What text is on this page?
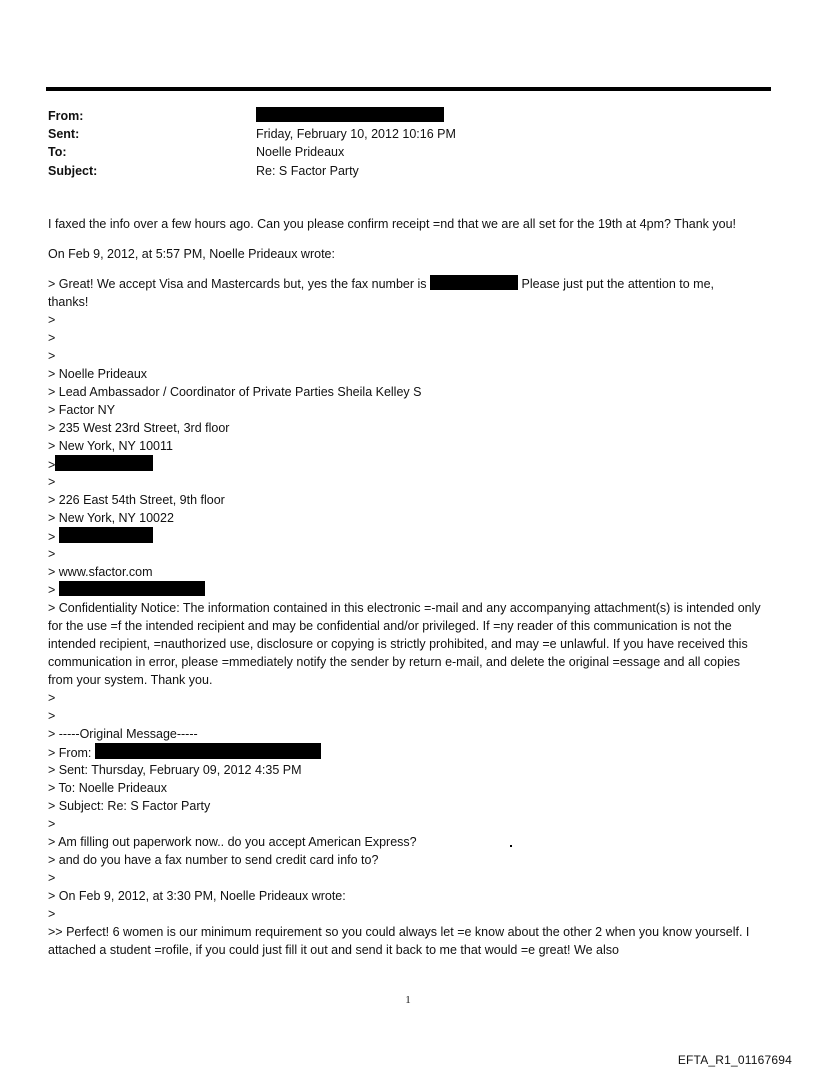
From:
Sent:	Friday, February 10, 2012 10:16 PM
To:	Noelle Prideaux
Subject:	Re: S Factor Party

I faxed the info over a few hours ago. Can you please confirm receipt =nd that we are all set for the 19th at 4pm? Thank you!

On Feb 9, 2012, at 5:57 PM, Noelle Prideaux wrote:
> Great! We accept Visa and Mastercards but, yes the fax number is	Please just put the attention to me,
thanks!
>
>
>
> Noelle Prideaux
> Lead Ambassador / Coordinator of Private Parties Sheila Kelley S
> Factor NY
> 235 West 23rd Street, 3rd floor
> New York, NY 10011
>
>
> 226 East 54th Street, 9th floor
> New York, NY 10022
>
>
> www.sfactor.com
>

> Confidentiality Notice: The information contained in this electronic =-mail and any accompanying attachment(s) is intended only for the use =f the intended recipient and may be confidential and/or privileged. If =ny reader of this communication is not the intended recipient, =nauthorized use, disclosure or copying is strictly prohibited, and may =e unlawful. If you have received this communication in error, please =mmediately notify the sender by return e-mail, and delete the original =essage and all copies from your system. Thank you.

>
>
> -----Original Message-----
> From:
> Sent: Thursday, February 09, 2012 4:35 PM
> To: Noelle Prideaux
> Subject: Re: S Factor Party
>
> Am filling out paperwork now.. do you accept American Express?
> and do you have a fax number to send credit card info to?
>
> On Feb 9, 2012, at 3:30 PM, Noelle Prideaux wrote:
>

>> Perfect! 6 women is our minimum requirement so you could always let =e know about the other 2 when you know yourself. I attached a student =rofile, if you could just fill it out and send it back to me that would =e great! We also

1
EFTA_R1_01167694
